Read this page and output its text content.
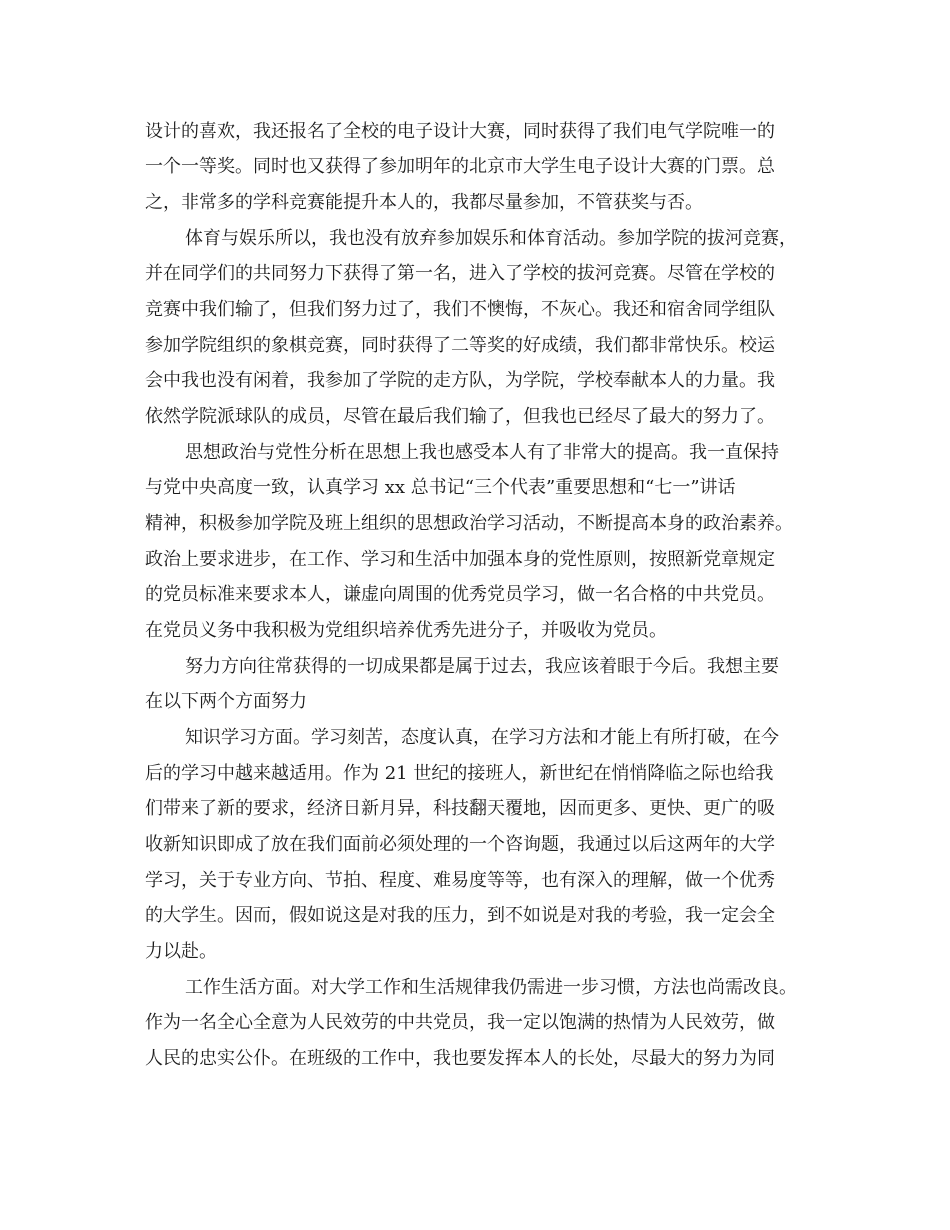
设计的喜欢，我还报名了全校的电子设计大赛，同时获得了我们电气学院唯一的
一个一等奖。同时也又获得了参加明年的北京市大学生电子设计大赛的门票。总
之，非常多的学科竞赛能提升本人的，我都尽量参加，不管获奖与否。
体育与娱乐所以，我也没有放弃参加娱乐和体育活动。参加学院的拔河竞赛，
并在同学们的共同努力下获得了第一名，进入了学校的拔河竞赛。尽管在学校的
竞赛中我们输了，但我们努力过了，我们不懊悔，不灰心。我还和宿舍同学组队
参加学院组织的象棋竞赛，同时获得了二等奖的好成绩，我们都非常快乐。校运
会中我也没有闲着，我参加了学院的走方队，为学院，学校奉献本人的力量。我
依然学院派球队的成员，尽管在最后我们输了，但我也已经尽了最大的努力了。
思想政治与党性分析在思想上我也感受本人有了非常大的提高。我一直保持
与党中央高度一致，认真学习 xx 总书记“三个代表”重要思想和“七一”讲话
精神，积极参加学院及班上组织的思想政治学习活动，不断提高本身的政治素养。
政治上要求进步，在工作、学习和生活中加强本身的党性原则，按照新党章规定
的党员标准来要求本人，谦虚向周围的优秀党员学习，做一名合格的中共党员。
在党员义务中我积极为党组织培养优秀先进分子，并吸收为党员。
努力方向往常获得的一切成果都是属于过去，我应该着眼于今后。我想主要
在以下两个方面努力
知识学习方面。学习刻苦，态度认真，在学习方法和才能上有所打破，在今
后的学习中越来越适用。作为 21 世纪的接班人，新世纪在悄悄降临之际也给我
们带来了新的要求，经济日新月异，科技翻天覆地，因而更多、更快、更广的吸
收新知识即成了放在我们面前必须处理的一个咨询题，我通过以后这两年的大学
学习，关于专业方向、节拍、程度、难易度等等，也有深入的理解，做一个优秀
的大学生。因而，假如说这是对我的压力，到不如说是对我的考验，我一定会全
力以赴。
工作生活方面。对大学工作和生活规律我仍需进一步习惯，方法也尚需改良。
作为一名全心全意为人民效劳的中共党员，我一定以饱满的热情为人民效劳，做
人民的忠实公仆。在班级的工作中，我也要发挥本人的长处，尽最大的努力为同
